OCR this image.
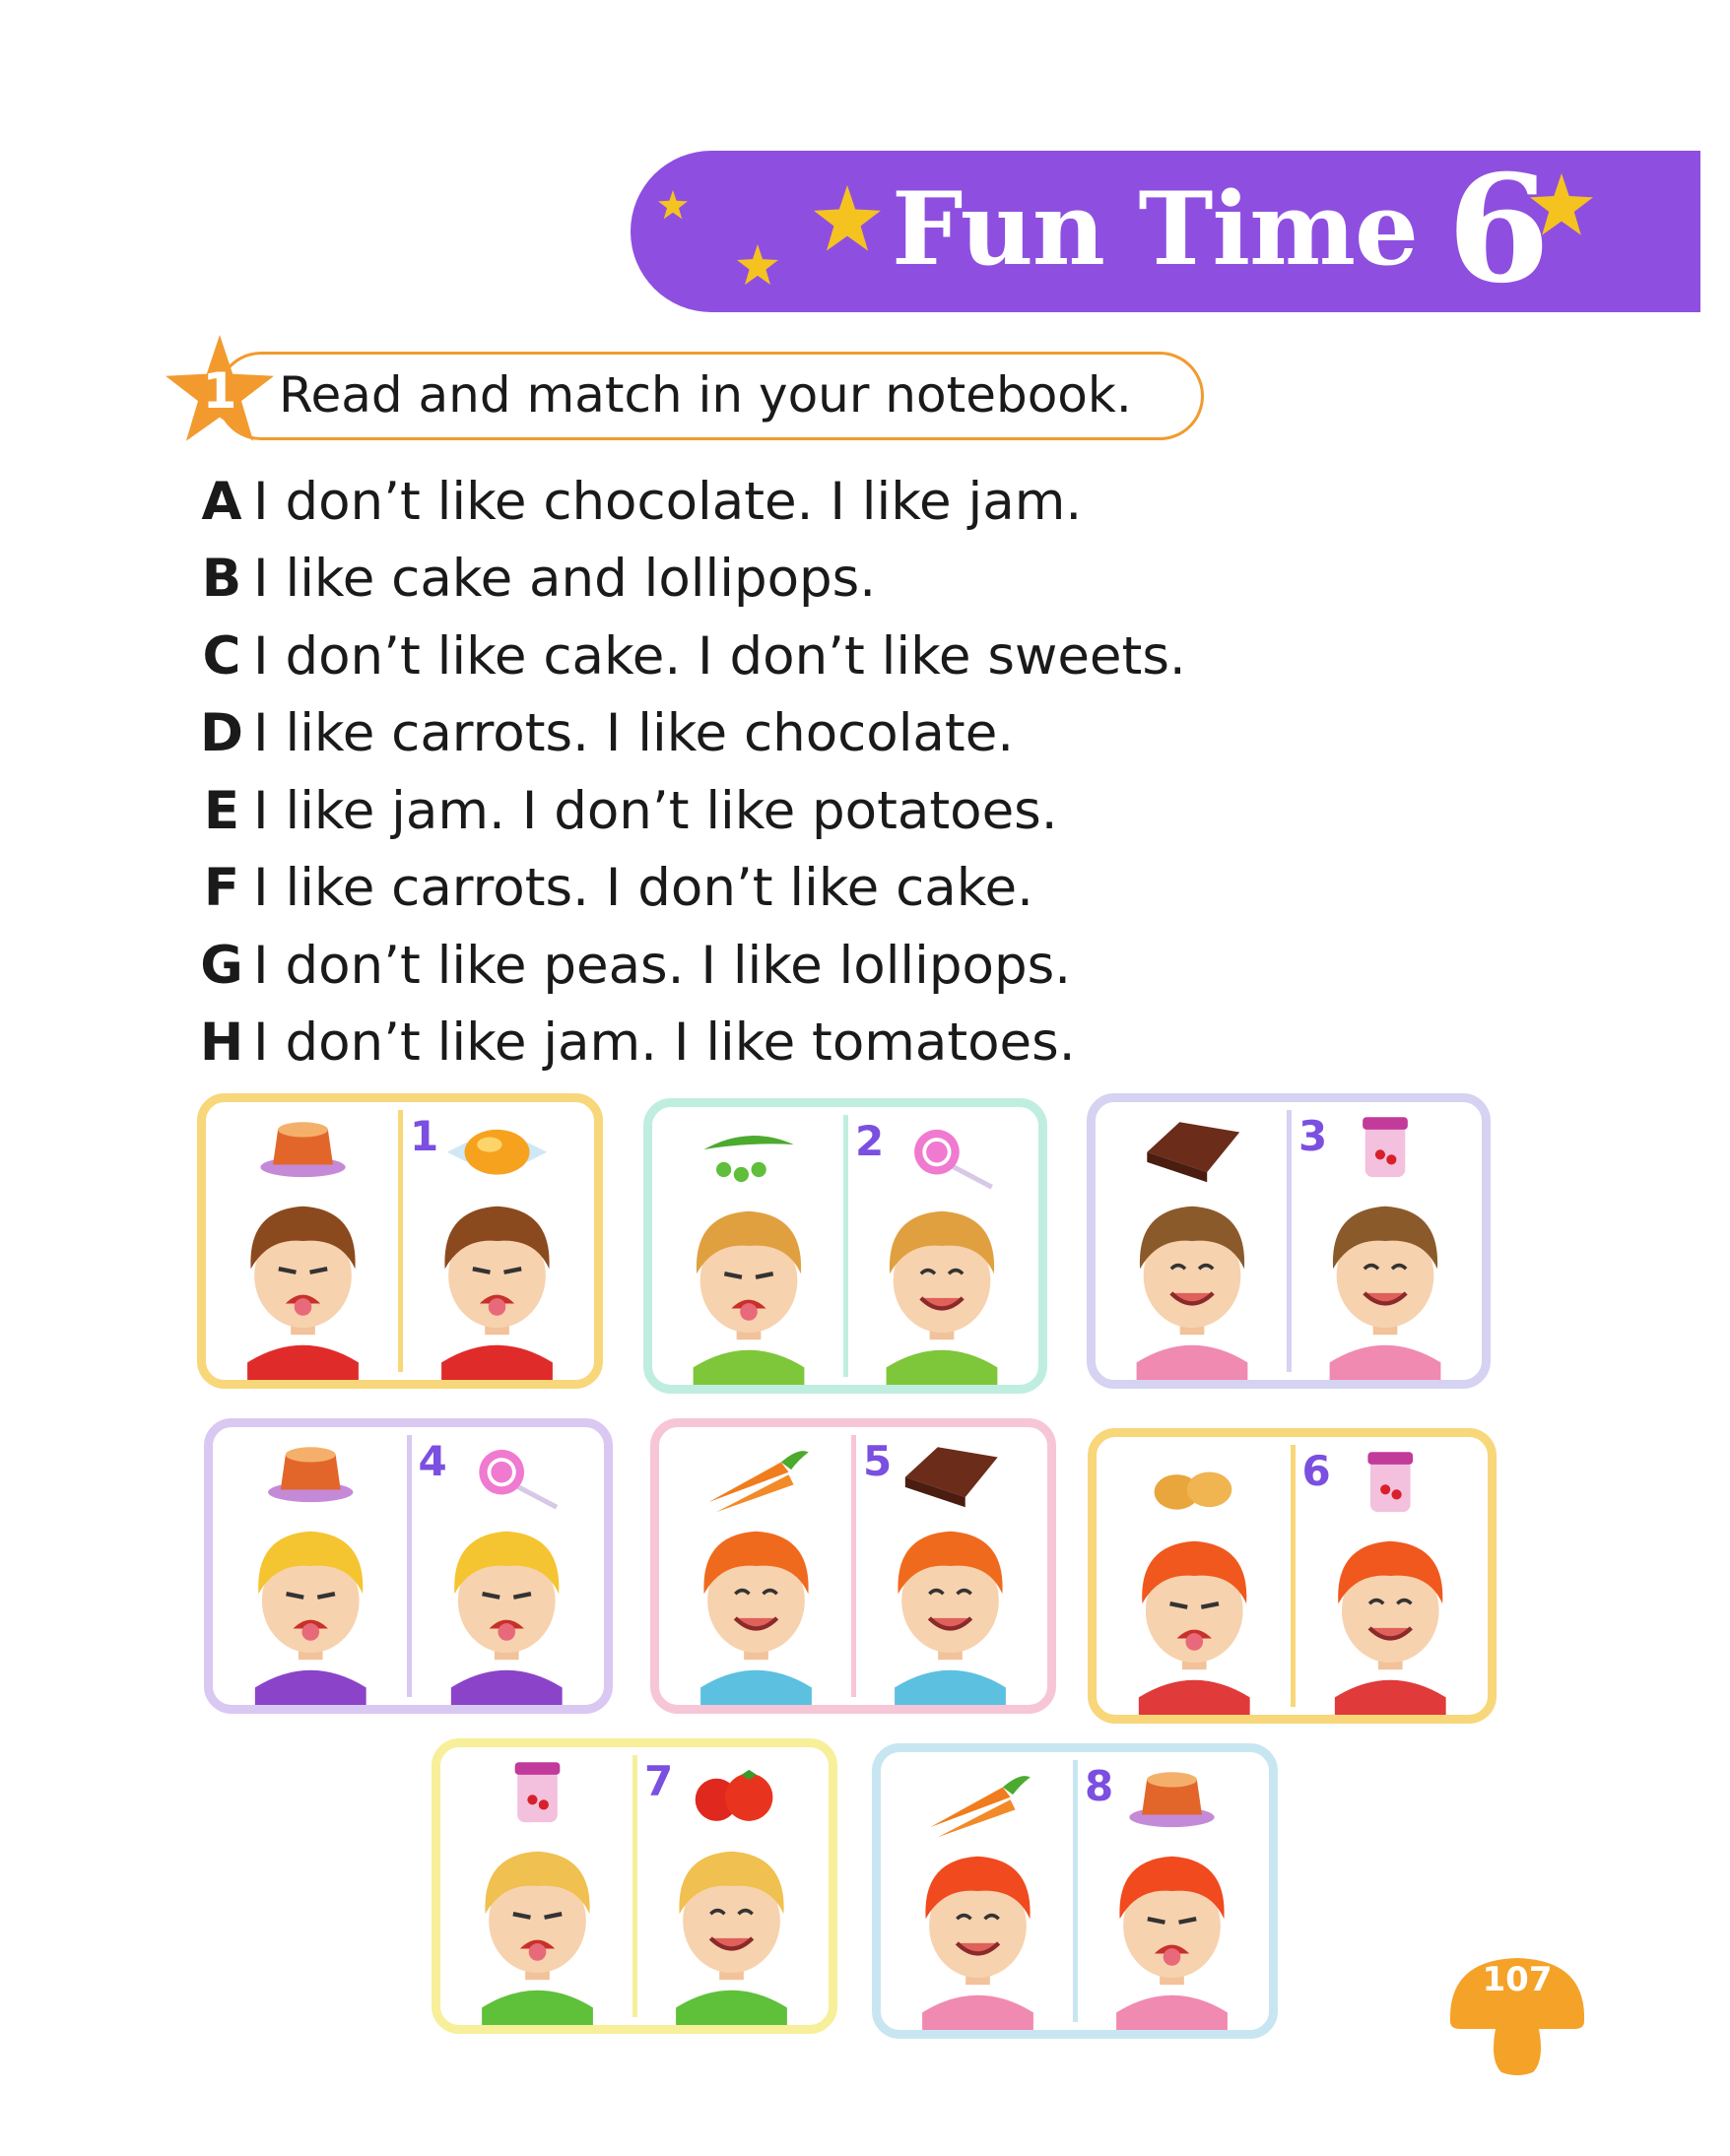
Fun Time 6
1 Read and match in your notebook.
A I don’t like chocolate. I like jam.
B I like cake and lollipops.
C I don’t like cake. I don’t like sweets.
D I like carrots. I like chocolate.
E I like jam. I don’t like potatoes.
F I like carrots. I don’t like cake.
G I don’t like peas. I like lollipops.
H I don’t like jam. I like tomatoes.
1	2	3
4	5	6
7	8
107
